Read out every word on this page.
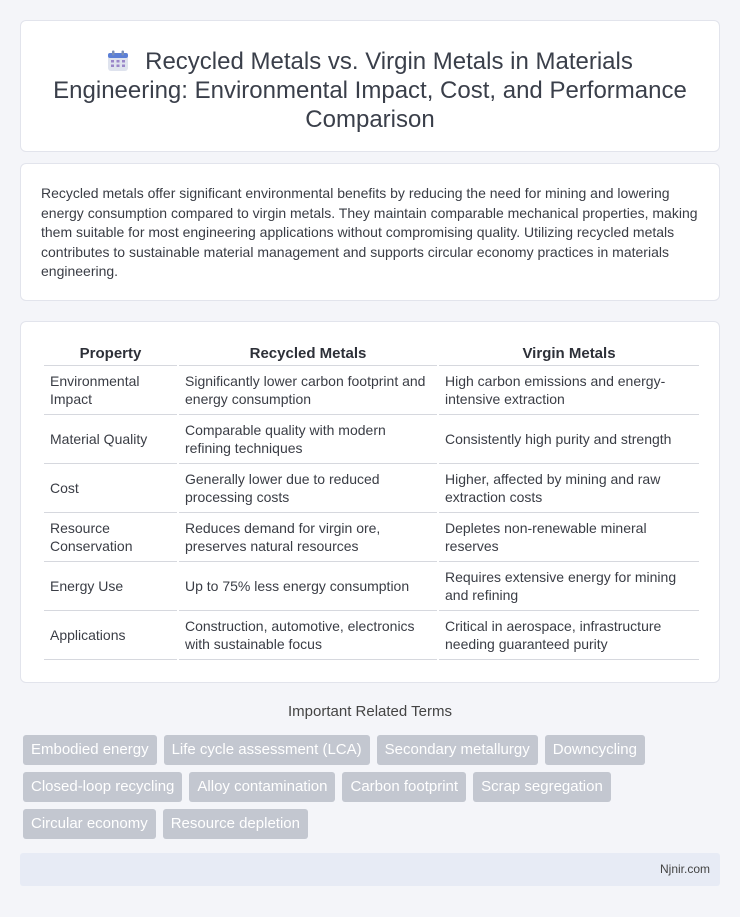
Recycled Metals vs. Virgin Metals in Materials Engineering: Environmental Impact, Cost, and Performance Comparison

Recycled metals offer significant environmental benefits by reducing the need for mining and lowering energy consumption compared to virgin metals. They maintain comparable mechanical properties, making them suitable for most engineering applications without compromising quality. Utilizing recycled metals contributes to sustainable material management and supports circular economy practices in materials engineering.

Property	Recycled Metals	Virgin Metals
Environmental Impact	Significantly lower carbon footprint and energy consumption	High carbon emissions and energy-intensive extraction
Material Quality	Comparable quality with modern refining techniques	Consistently high purity and strength
Cost	Generally lower due to reduced processing costs	Higher, affected by mining and raw extraction costs
Resource Conservation	Reduces demand for virgin ore, preserves natural resources	Depletes non-renewable mineral reserves
Energy Use	Up to 75% less energy consumption	Requires extensive energy for mining and refining
Applications	Construction, automotive, electronics with sustainable focus	Critical in aerospace, infrastructure needing guaranteed purity
Important Related Terms
Embodied energy	Life cycle assessment (LCA)	Secondary metallurgy	Downcycling
Closed-loop recycling	Alloy contamination	Carbon footprint	Scrap segregation
Circular economy	Resource depletion
Njnir.com
